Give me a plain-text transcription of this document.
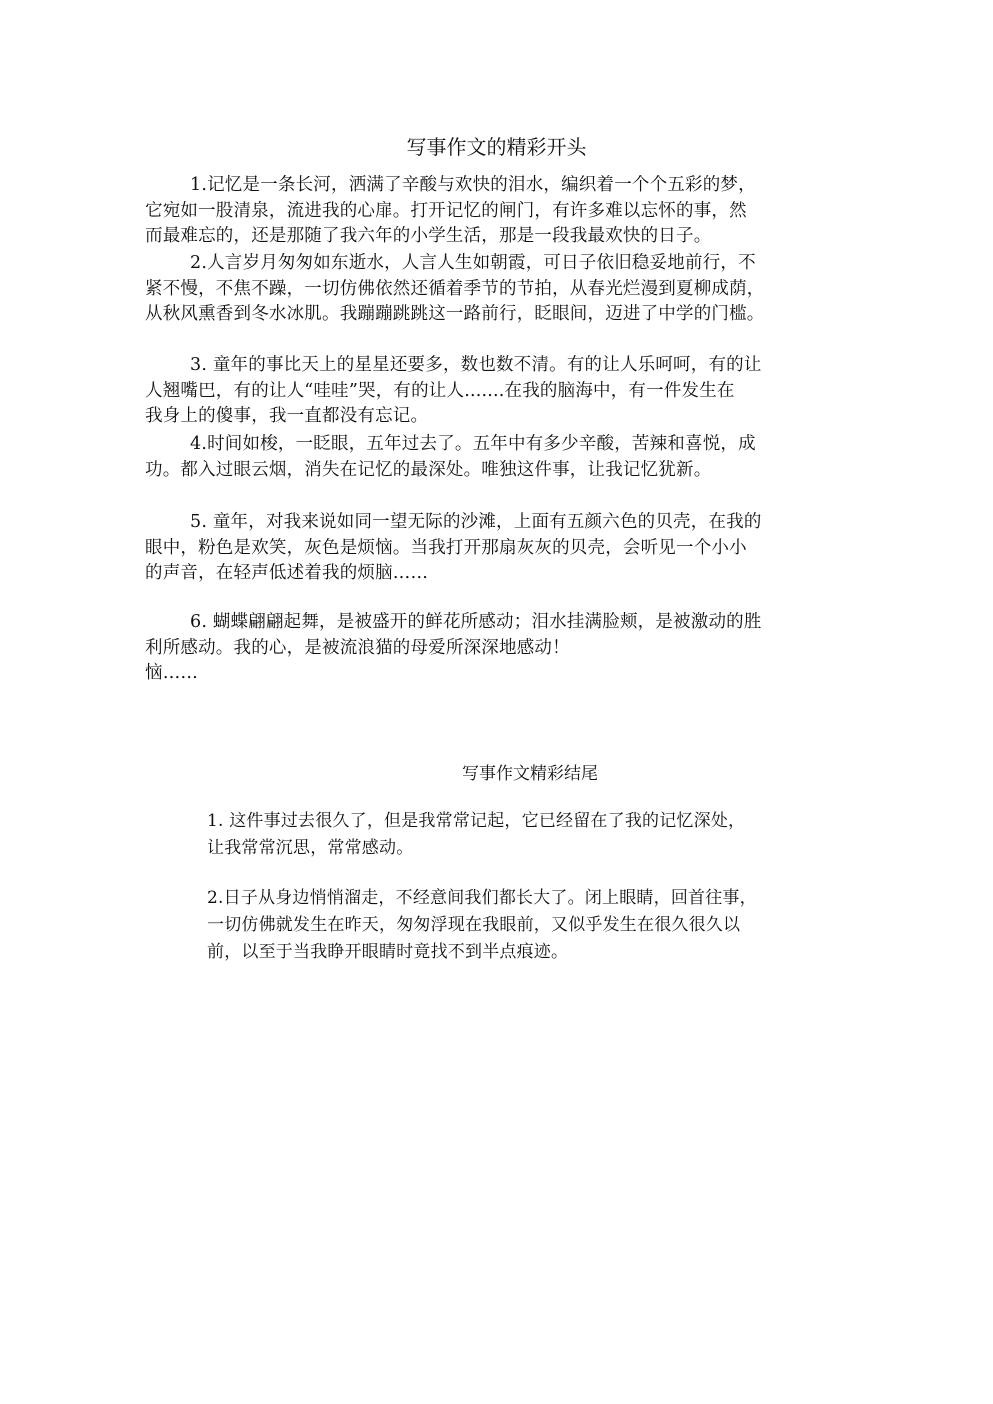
写事作文的精彩开头

1.记忆是一条长河，洒满了辛酸与欢快的泪水，编织着一个个五彩的梦，
它宛如一股清泉，流进我的心扉。打开记忆的闸门，有许多难以忘怀的事，然
而最难忘的，还是那随了我六年的小学生活，那是一段我最欢快的日子。

2.人言岁月匆匆如东逝水，人言人生如朝霞，可日子依旧稳妥地前行，不
紧不慢，不焦不躁，一切仿佛依然还循着季节的节拍，从春光烂漫到夏柳成荫，
从秋风熏香到冬水冰肌。我蹦蹦跳跳这一路前行，眨眼间，迈进了中学的门槛。

3. 童年的事比天上的星星还要多，数也数不清。有的让人乐呵呵，有的让
人翘嘴巴，有的让人“哇哇”哭，有的让人.......在我的脑海中，有一件发生在
我身上的傻事，我一直都没有忘记。

4.时间如梭，一眨眼，五年过去了。五年中有多少辛酸，苦辣和喜悦，成
功。都入过眼云烟，消失在记忆的最深处。唯独这件事，让我记忆犹新。

5. 童年，对我来说如同一望无际的沙滩，上面有五颜六色的贝壳，在我的
眼中，粉色是欢笑，灰色是烦恼。当我打开那扇灰灰的贝壳，会听见一个小小
的声音，在轻声低述着我的烦脑……

6. 蝴蝶翩翩起舞，是被盛开的鲜花所感动；泪水挂满脸颊，是被激动的胜
利所感动。我的心，是被流浪猫的母爱所深深地感动！
恼……

写事作文精彩结尾

1. 这件事过去很久了，但是我常常记起，它已经留在了我的记忆深处，
让我常常沉思，常常感动。

2.日子从身边悄悄溜走，不经意间我们都长大了。闭上眼睛，回首往事，
一切仿佛就发生在昨天，匆匆浮现在我眼前，又似乎发生在很久很久以
前，以至于当我睁开眼睛时竟找不到半点痕迹。
